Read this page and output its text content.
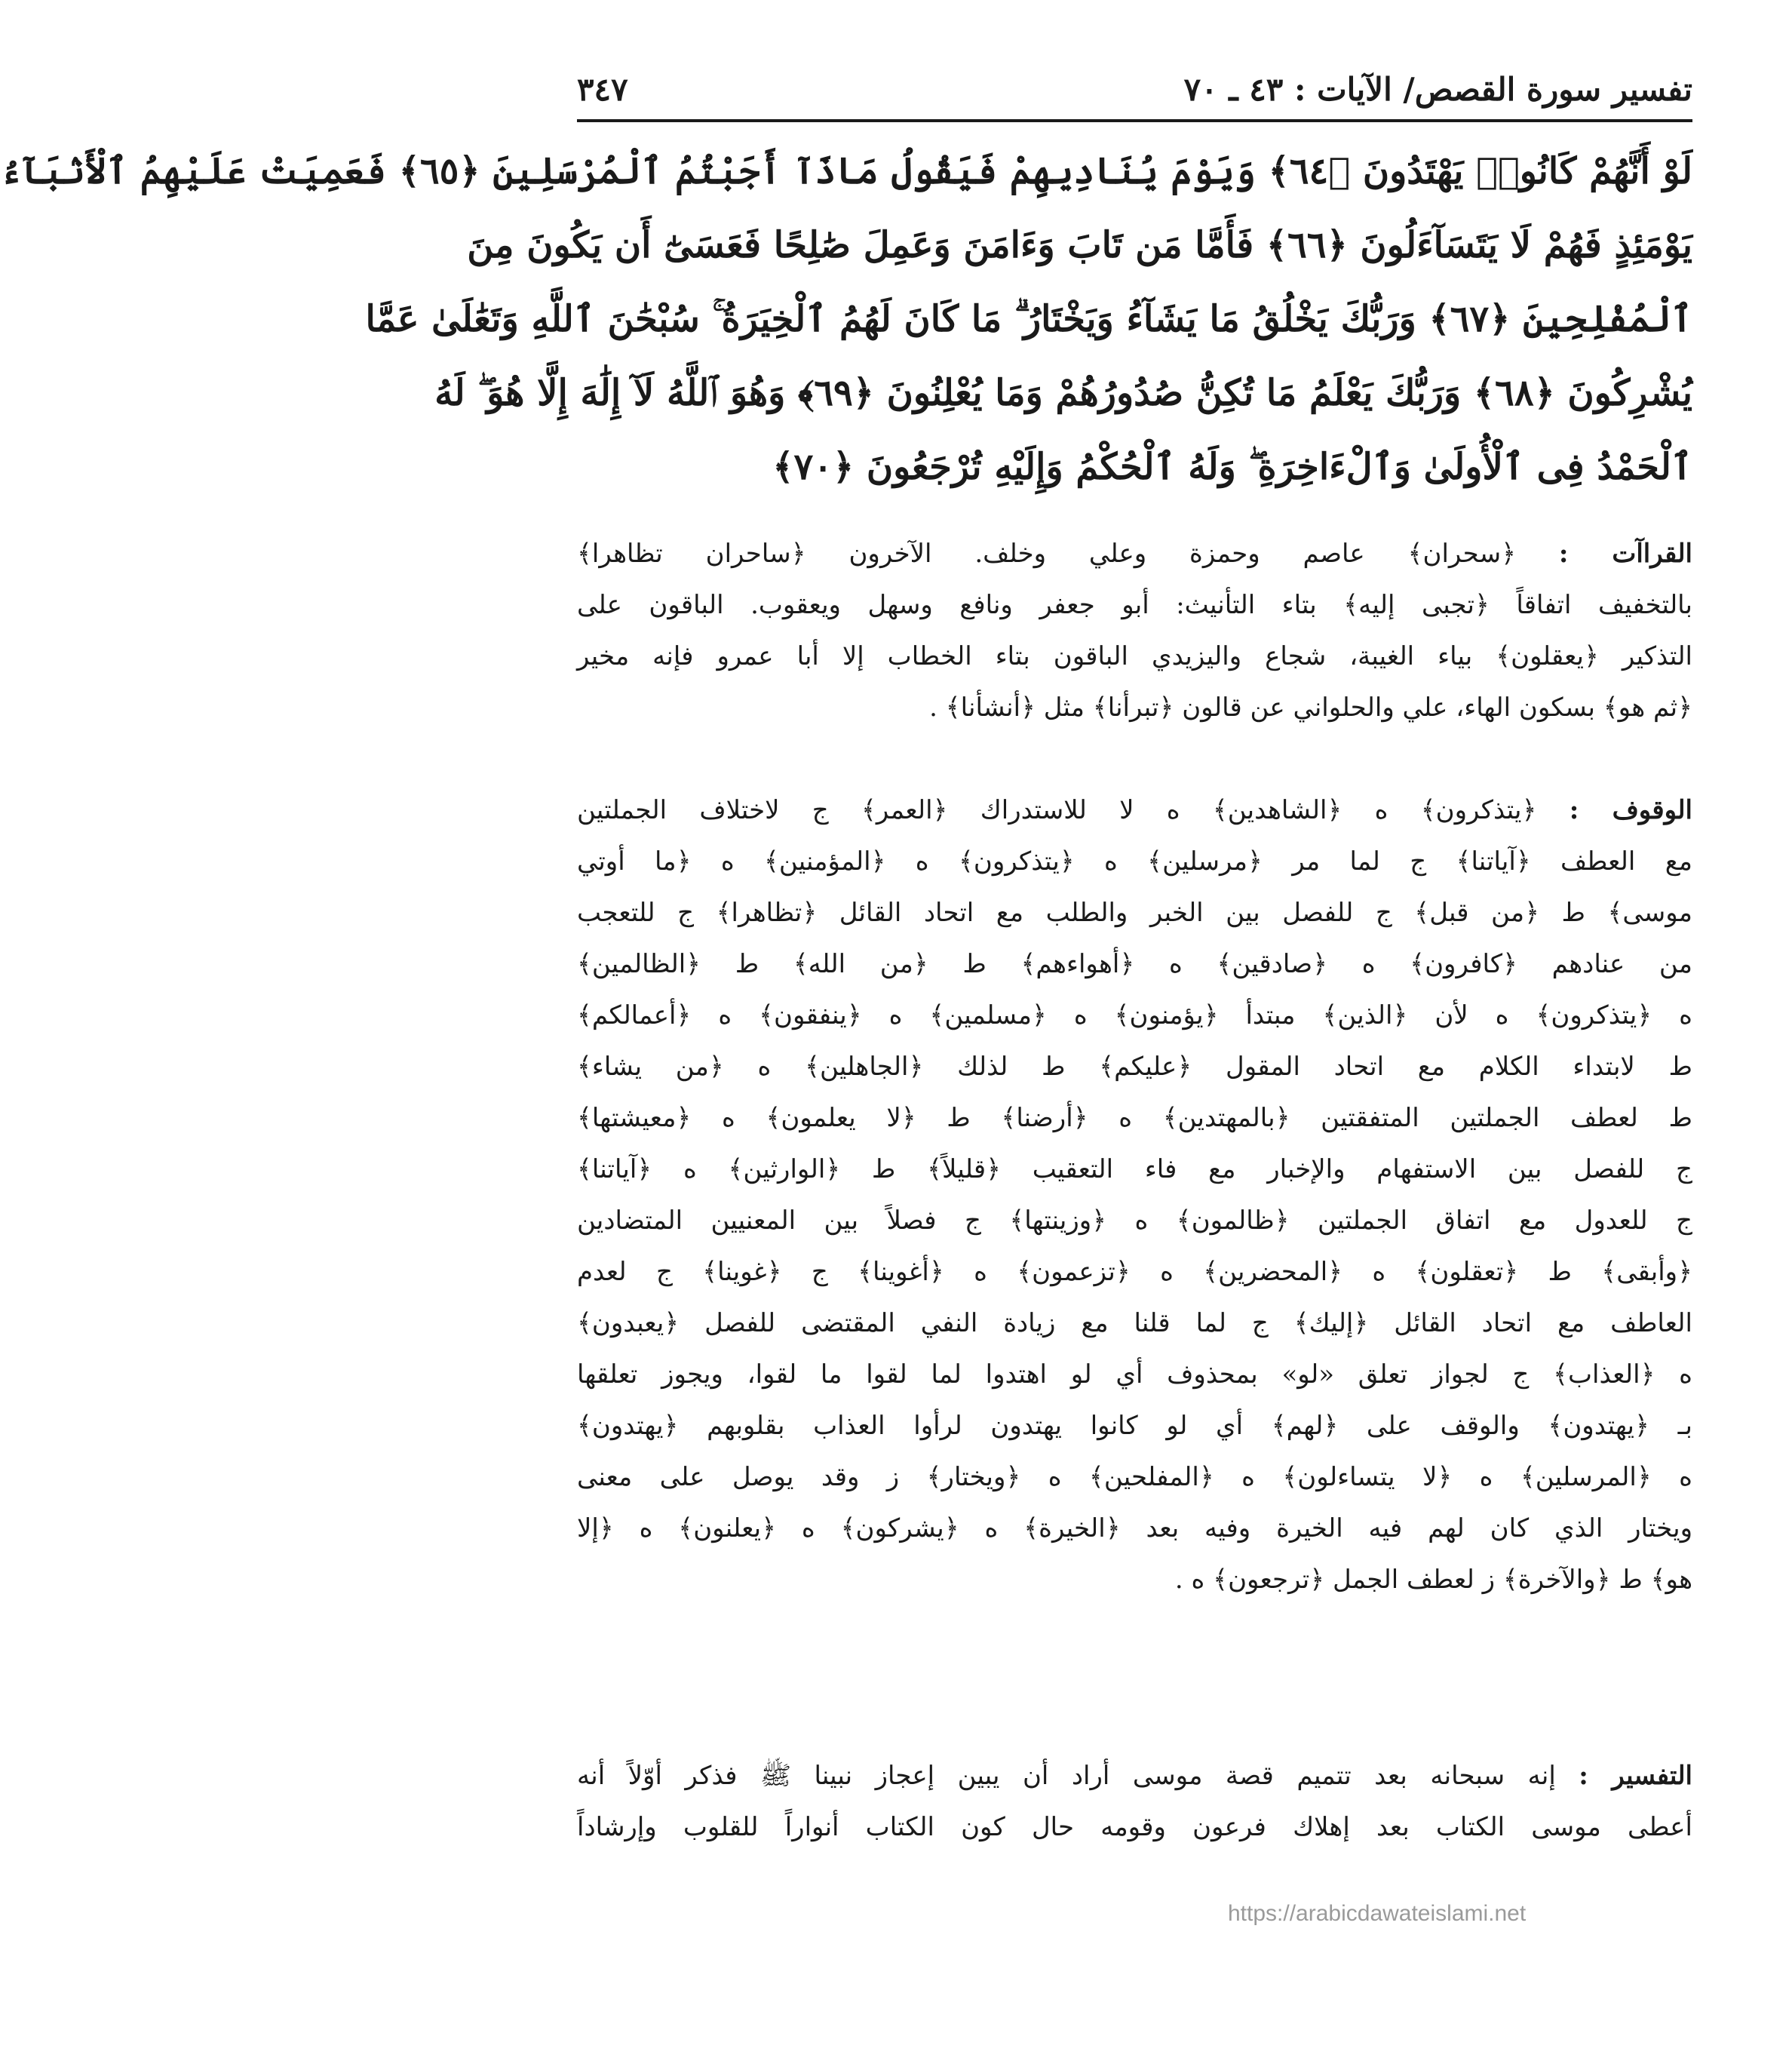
تفسير سورة القصص/ الآيات : ٤٣ ـ ٧٠
٣٤٧
لَوْ أَنَّهُمْ كَانُوا۟ يَهْتَدُونَ ﴿٦٤﴾ وَيَوْمَ يُنَادِيهِمْ فَيَقُولُ مَاذَآ أَجَبْتُمُ ٱلْمُرْسَلِينَ ﴿٦٥﴾ فَعَمِيَتْ عَلَيْهِمُ ٱلْأَنۢبَآءُ
يَوْمَئِذٍ فَهُمْ لَا يَتَسَآءَلُونَ ﴿٦٦﴾ فَأَمَّا مَن تَابَ وَءَامَنَ وَعَمِلَ صَٰلِحًا فَعَسَىٰٓ أَن يَكُونَ مِنَ
ٱلْمُفْلِحِينَ ﴿٦٧﴾ وَرَبُّكَ يَخْلُقُ مَا يَشَآءُ وَيَخْتَارُ ۗ مَا كَانَ لَهُمُ ٱلْخِيَرَةُ ۚ سُبْحَٰنَ ٱللَّهِ وَتَعَٰلَىٰ عَمَّا
يُشْرِكُونَ ﴿٦٨﴾ وَرَبُّكَ يَعْلَمُ مَا تُكِنُّ صُدُورُهُمْ وَمَا يُعْلِنُونَ ﴿٦٩﴾ وَهُوَ ٱللَّهُ لَآ إِلَٰهَ إِلَّا هُوَ ۖ لَهُ
ٱلْحَمْدُ فِى ٱلْأُولَىٰ وَٱلْءَاخِرَةِ ۖ وَلَهُ ٱلْحُكْمُ وَإِلَيْهِ تُرْجَعُونَ ﴿٧٠﴾
القراآت : ﴿سحران﴾ عاصم وحمزة وعلي وخلف. الآخرون ﴿ساحران تظاهرا﴾
بالتخفيف اتفاقاً ﴿تجبى إليه﴾ بتاء التأنيث: أبو جعفر ونافع وسهل ويعقوب. الباقون على
التذكير ﴿يعقلون﴾ بياء الغيبة، شجاع واليزيدي الباقون بتاء الخطاب إلا أبا عمرو فإنه مخير
﴿ثم هو﴾ بسكون الهاء، علي والحلواني عن قالون ﴿تبرأنا﴾ مثل ﴿أنشأنا﴾ .
الوقوف : ﴿يتذكرون﴾ ه ﴿الشاهدين﴾ ه لا للاستدراك ﴿العمر﴾ ج لاختلاف الجملتين
مع العطف ﴿آياتنا﴾ ج لما مر ﴿مرسلين﴾ ه ﴿يتذكرون﴾ ه ﴿المؤمنين﴾ ه ﴿ما أوتي
موسى﴾ ط ﴿من قبل﴾ ج للفصل بين الخبر والطلب مع اتحاد القائل ﴿تظاهرا﴾ ج للتعجب
من عنادهم ﴿كافرون﴾ ه ﴿صادقين﴾ ه ﴿أهواءهم﴾ ط ﴿من الله﴾ ط ﴿الظالمين﴾
ه ﴿يتذكرون﴾ ه لأن ﴿الذين﴾ مبتدأ ﴿يؤمنون﴾ ه ﴿مسلمين﴾ ه ﴿ينفقون﴾ ه ﴿أعمالكم﴾
ط لابتداء الكلام مع اتحاد المقول ﴿عليكم﴾ ط لذلك ﴿الجاهلين﴾ ه ﴿من يشاء﴾
ط لعطف الجملتين المتفقتين ﴿بالمهتدين﴾ ه ﴿أرضنا﴾ ط ﴿لا يعلمون﴾ ه ﴿معيشتها﴾
ج للفصل بين الاستفهام والإخبار مع فاء التعقيب ﴿قليلاً﴾ ط ﴿الوارثين﴾ ه ﴿آياتنا﴾
ج للعدول مع اتفاق الجملتين ﴿ظالمون﴾ ه ﴿وزينتها﴾ ج فصلاً بين المعنيين المتضادين
﴿وأبقى﴾ ط ﴿تعقلون﴾ ه ﴿المحضرين﴾ ه ﴿تزعمون﴾ ه ﴿أغوينا﴾ ج ﴿غوينا﴾ ج لعدم
العاطف مع اتحاد القائل ﴿إليك﴾ ج لما قلنا مع زيادة النفي المقتضى للفصل ﴿يعبدون﴾
ه ﴿العذاب﴾ ج لجواز تعلق «لو» بمحذوف أي لو اهتدوا لما لقوا ما لقوا، ويجوز تعلقها
بـ ﴿يهتدون﴾ والوقف على ﴿لهم﴾ أي لو كانوا يهتدون لرأوا العذاب بقلوبهم ﴿يهتدون﴾
ه ﴿المرسلين﴾ ه ﴿لا يتساءلون﴾ ه ﴿المفلحين﴾ ه ﴿ويختار﴾ ز وقد يوصل على معنى
ويختار الذي كان لهم فيه الخيرة وفيه بعد ﴿الخيرة﴾ ه ﴿يشركون﴾ ه ﴿يعلنون﴾ ه ﴿إلا
هو﴾ ط ﴿والآخرة﴾ ز لعطف الجمل ﴿ترجعون﴾ ه .
التفسير : إنه سبحانه بعد تتميم قصة موسى أراد أن يبين إعجاز نبينا ﷺ فذكر أوّلاً أنه
أعطى موسى الكتاب بعد إهلاك فرعون وقومه حال كون الكتاب أنواراً للقلوب وإرشاداً
https://arabicdawateislami.net
